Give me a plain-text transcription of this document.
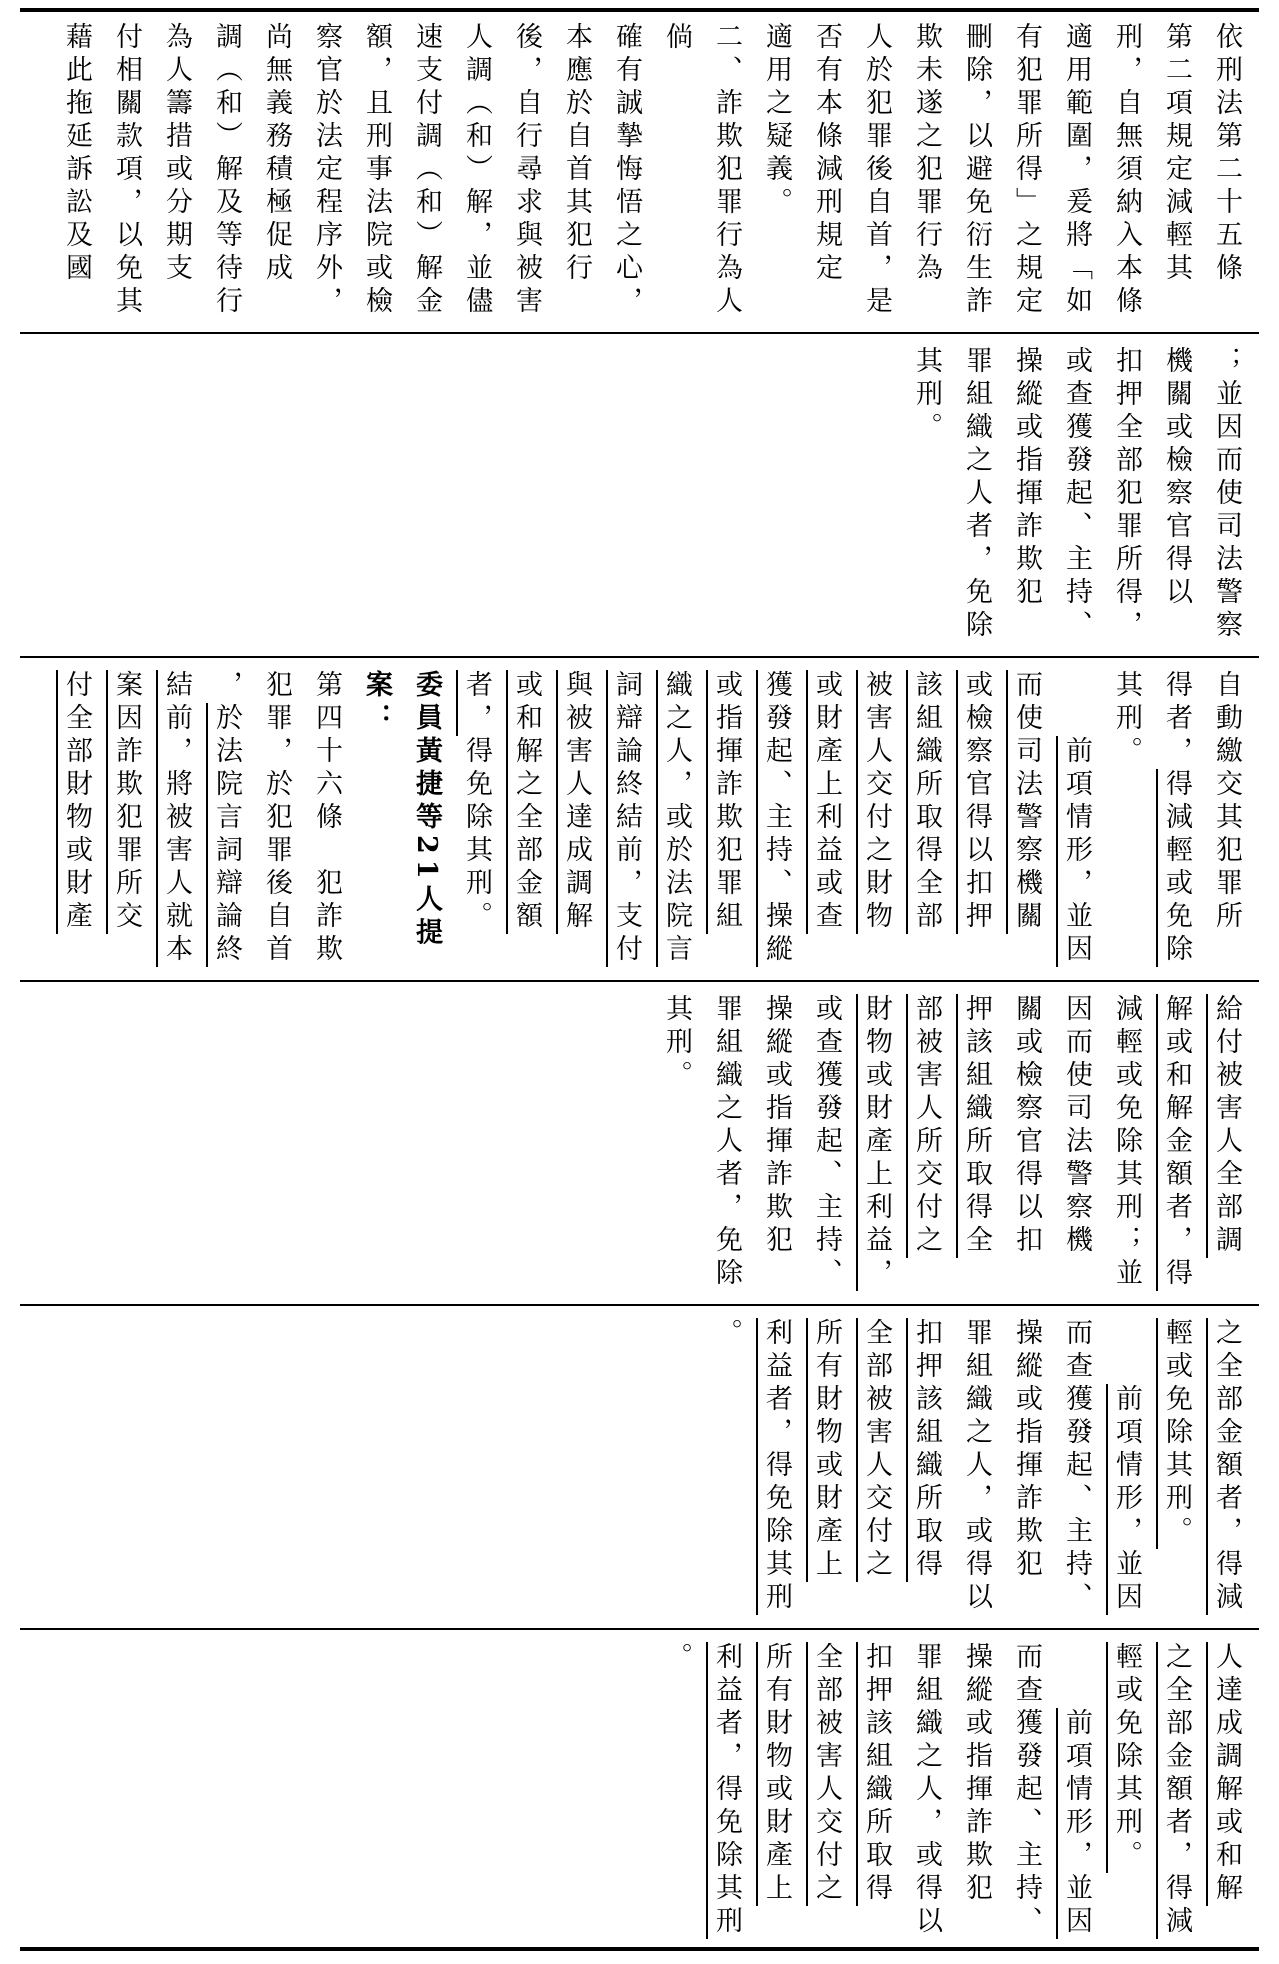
依刑法第二十五條
第二項規定減輕其
刑，自無須納入本條
適用範圍，爰將「如
有犯罪所得」之規定
刪除，以避免衍生詐
欺未遂之犯罪行為
人於犯罪後自首，是
否有本條減刑規定
適用之疑義。
二、詐欺犯罪行為人倘
確有誠摯悔悟之心，
本應於自首其犯行
後，自行尋求與被害
人調（和）解，並儘
速支付調（和）解金
額，且刑事法院或檢
察官於法定程序外，
尚無義務積極促成
調（和）解及等待行
為人籌措或分期支
付相關款項，以免其
藉此拖延訴訟及國
；並因而使司法警察
機關或檢察官得以
扣押全部犯罪所得，
或查獲發起、主持、
操縱或指揮詐欺犯
罪組織之人者，免除
其刑。
自動繳交其犯罪所
得者，得減輕或免除
其刑。
　　前項情形，並因
而使司法警察機關
或檢察官得以扣押
該組織所取得全部
被害人交付之財物
或財產上利益或查
獲發起、主持、操縱
或指揮詐欺犯罪組
織之人，或於法院言
詞辯論終結前，支付
與被害人達成調解
或和解之全部金額
者，得免除其刑。
委員黃捷等21人提案：
第四十六條　犯詐欺
犯罪，於犯罪後自首
，於法院言詞辯論終
結前，將被害人就本
案因詐欺犯罪所交
付全部財物或財產
給付被害人全部調
解或和解金額者，得
減輕或免除其刑；並
因而使司法警察機
關或檢察官得以扣
押該組織所取得全
部被害人所交付之
財物或財產上利益，
或查獲發起、主持、
操縱或指揮詐欺犯
罪組織之人者，免除
其刑。
之全部金額者，得減
輕或免除其刑。
　　前項情形，並因
而查獲發起、主持、
操縱或指揮詐欺犯
罪組織之人，或得以
扣押該組織所取得
全部被害人交付之
所有財物或財產上
利益者，得免除其刑
。
人達成調解或和解
之全部金額者，得減
輕或免除其刑。
　　前項情形，並因
而查獲發起、主持、
操縱或指揮詐欺犯
罪組織之人，或得以
扣押該組織所取得
全部被害人交付之
所有財物或財產上
利益者，得免除其刑
。
